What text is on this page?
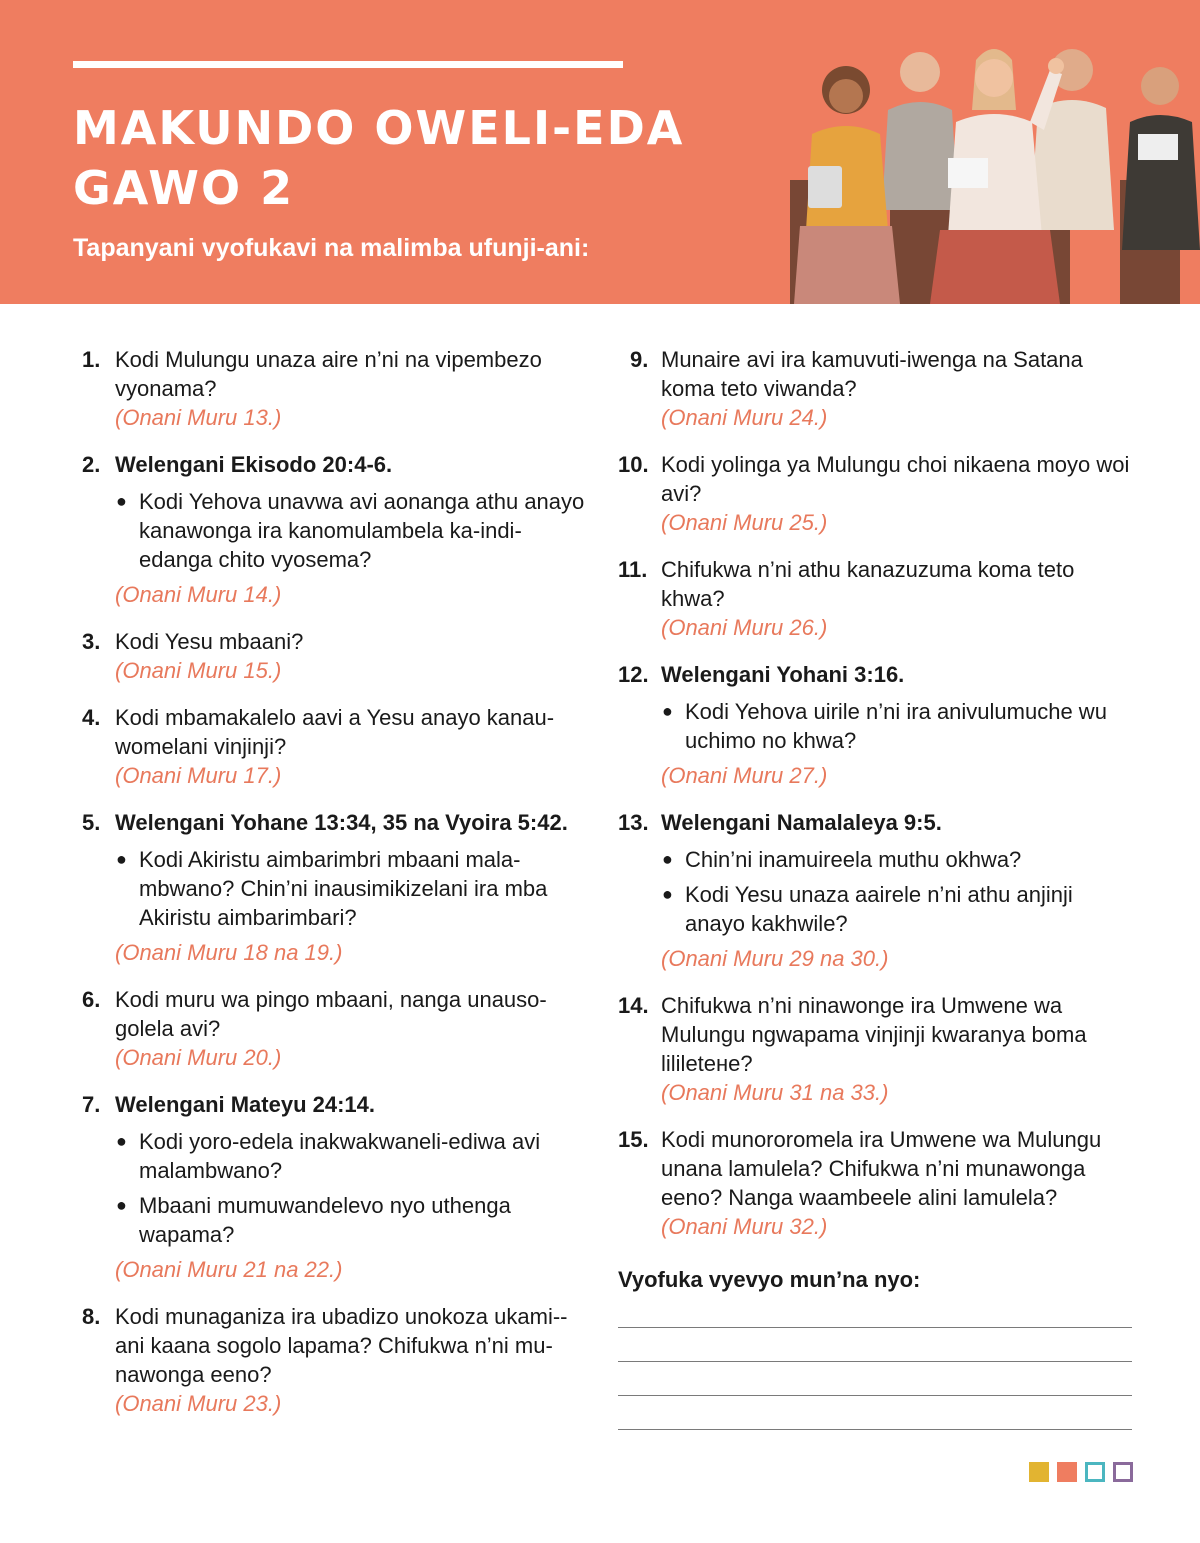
MAKUNDO OWELI-EDA
GAWO 2
Tapanyani vyofukavi na malimba ufunji-ani:
1. Kodi Mulungu unaza aire n’ni na vipembezo vyonama?
(Onani Muru 13.)
2. Welengani Ekisodo 20:4-6.
● Kodi Yehova unavwa avi aonanga athu anayo kanawonga ira kanomulambela ka-indi-edanga chito vyosema?
(Onani Muru 14.)
3. Kodi Yesu mbaani?
(Onani Muru 15.)
4. Kodi mbamakalelo aavi a Yesu anayo kanau-womelani vinjinji?
(Onani Muru 17.)
5. Welengani Yohane 13:34, 35 na Vyoira 5:42.
● Kodi Akiristu aimbarimbri mbaani mala-mbwano? Chin’ni inausimikizelani ira mba Akiristu aimbarimbari?
(Onani Muru 18 na 19.)
6. Kodi muru wa pingo mbaani, nanga unauso-golela avi?
(Onani Muru 20.)
7. Welengani Mateyu 24:14.
● Kodi yoro-edela inakwakwaneli-ediwa avi malambwano?
● Mbaani mumuwandelevo nyo uthenga wapama?
(Onani Muru 21 na 22.)
8. Kodi munaganiza ira ubadizo unokoza ukami--ani kaana sogolo lapama? Chifukwa n’ni mu-nawonga eeno?
(Onani Muru 23.)
9. Munaire avi ira kamuvuti-iwenga na Satana koma teto viwanda?
(Onani Muru 24.)
10. Kodi yolinga ya Mulungu choi nikaena moyo woi avi?
(Onani Muru 25.)
11. Chifukwa n’ni athu kanazuzuma koma teto khwa?
(Onani Muru 26.)
12. Welengani Yohani 3:16.
● Kodi Yehova uirile n’ni ira anivulumuche wu uchimo no khwa?
(Onani Muru 27.)
13. Welengani Namalaleya 9:5.
● Chin’ni inamuireela muthu okhwa?
● Kodi Yesu unaza aairele n’ni athu anjinji anayo kakhwile?
(Onani Muru 29 na 30.)
14. Chifukwa n’ni ninawonge ira Umwene wa Mulungu ngwapama vinjinji kwaranya boma lilileteне?
(Onani Muru 31 na 33.)
15. Kodi munororomela ira Umwene wa Mulungu unana lamulela? Chifukwa n’ni munawonga eeno? Nanga waambeele alini lamulela?
(Onani Muru 32.)
Vyofuka vyevyo mun’na nyo:
